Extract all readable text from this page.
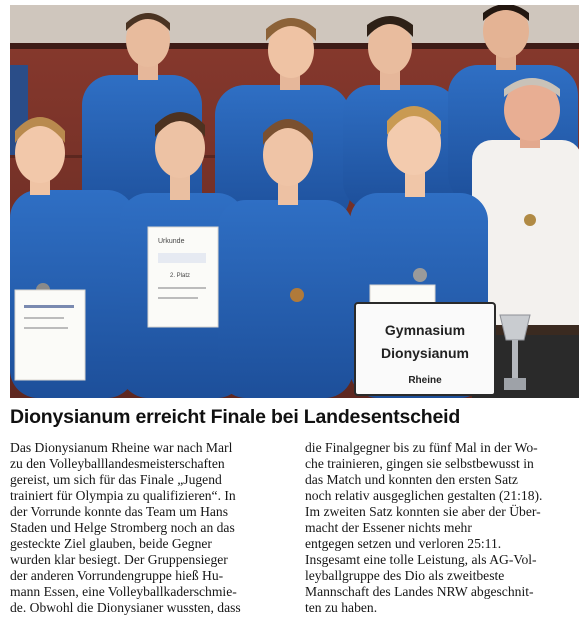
Urkunde
2. Platz
Gymnasium
Dionysianum
Rheine
Dionysianum erreicht Finale bei Landesentscheid
Das Dionysianum Rheine war nach Marl
zu den Volleyballlandesmeisterschaften
gereist, um sich für das Finale „Jugend
trainiert für Olympia zu qualifizieren“. In
der Vorrunde konnte das Team um Hans
Staden und Helge Stromberg noch an das
gesteckte Ziel glauben, beide Gegner
wurden klar besiegt. Der Gruppensieger
der anderen Vorrundengruppe hieß Hu-
mann Essen, eine Volleyballkaderschmie-
de. Obwohl die Dionysianer wussten, dass
die Finalgegner bis zu fünf Mal in der Wo-
che trainieren, gingen sie selbstbewusst in
das Match und konnten den ersten Satz
noch relativ ausgeglichen gestalten (21:18).
Im zweiten Satz konnten sie aber der Über-
macht der Essener nichts mehr
entgegen setzen und verloren 25:11.
Insgesamt eine tolle Leistung, als AG-Vol-
leyballgruppe des Dio als zweitbeste
Mannschaft des Landes NRW abgeschnit-
ten zu haben.
